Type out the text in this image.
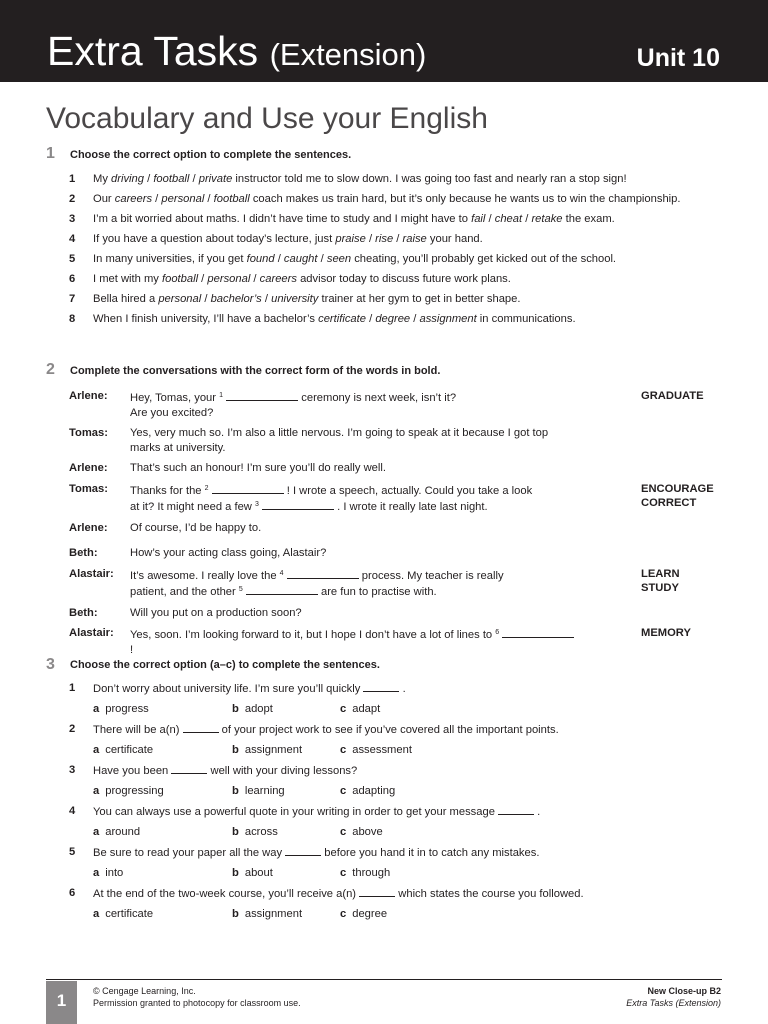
Extra Tasks (Extension)	Unit 10
Vocabulary and Use your English
1 Choose the correct option to complete the sentences.
1 My driving / football / private instructor told me to slow down. I was going too fast and nearly ran a stop sign!
2 Our careers / personal / football coach makes us train hard, but it’s only because he wants us to win the championship.
3 I’m a bit worried about maths. I didn’t have time to study and I might have to fail / cheat / retake the exam.
4 If you have a question about today’s lecture, just praise / rise / raise your hand.
5 In many universities, if you get found / caught / seen cheating, you’ll probably get kicked out of the school.
6 I met with my football / personal / careers advisor today to discuss future work plans.
7 Bella hired a personal / bachelor’s / university trainer at her gym to get in better shape.
8 When I finish university, I’ll have a bachelor’s certificate / degree / assignment in communications.
2 Complete the conversations with the correct form of the words in bold.
Arlene: Hey, Tomas, your $^1$	ceremony is next week, isn’t it?
Are you excited?
GRADUATE
Tomas: Yes, very much so. I’m also a little nervous. I’m going to speak at it because I got top marks at university.
Arlene: That’s such an honour! I’m sure you’ll do really well.
Tomas: Thanks for the $^2$	! I wrote a speech, actually. Could you take a look
at it? It might need a few $^3$	. I wrote it really late last night.
ENCOURAGE
CORRECT
Arlene: Of course, I’d be happy to.
Beth:	How’s your acting class going, Alastair?
Alastair: It’s awesome. I really love the $^4$	process. My teacher is really
patient, and the other $^5$	are fun to practise with.
LEARN
STUDY
Beth:	Will you put on a production soon?
Alastair: Yes, soon. I’m looking forward to it, but I hope I don’t have a lot of lines to $^6$  !
MEMORY
3 Choose the correct option (a–c) to complete the sentences.
1 Don’t worry about university life. I’m sure you’ll quickly	.
a progress	b adopt	c adapt
2 There will be a(n)	of your project work to see if you’ve covered all the important points.
a certificate	b assignment	c assessment
3 Have you been	well with your diving lessons?
a progressing	b learning	c adapting
4 You can always use a powerful quote in your writing in order to get your message	.
a around	b across	c above
5 Be sure to read your paper all the way	before you hand it in to catch any mistakes.
a into	b about	c through
6 At the end of the two-week course, you’ll receive a(n)	which states the course you followed.
a certificate	b assignment	c degree
1	© Cengage Learning, Inc.
Permission granted to photocopy for classroom use.
New Close-up B2
Extra Tasks (Extension)
